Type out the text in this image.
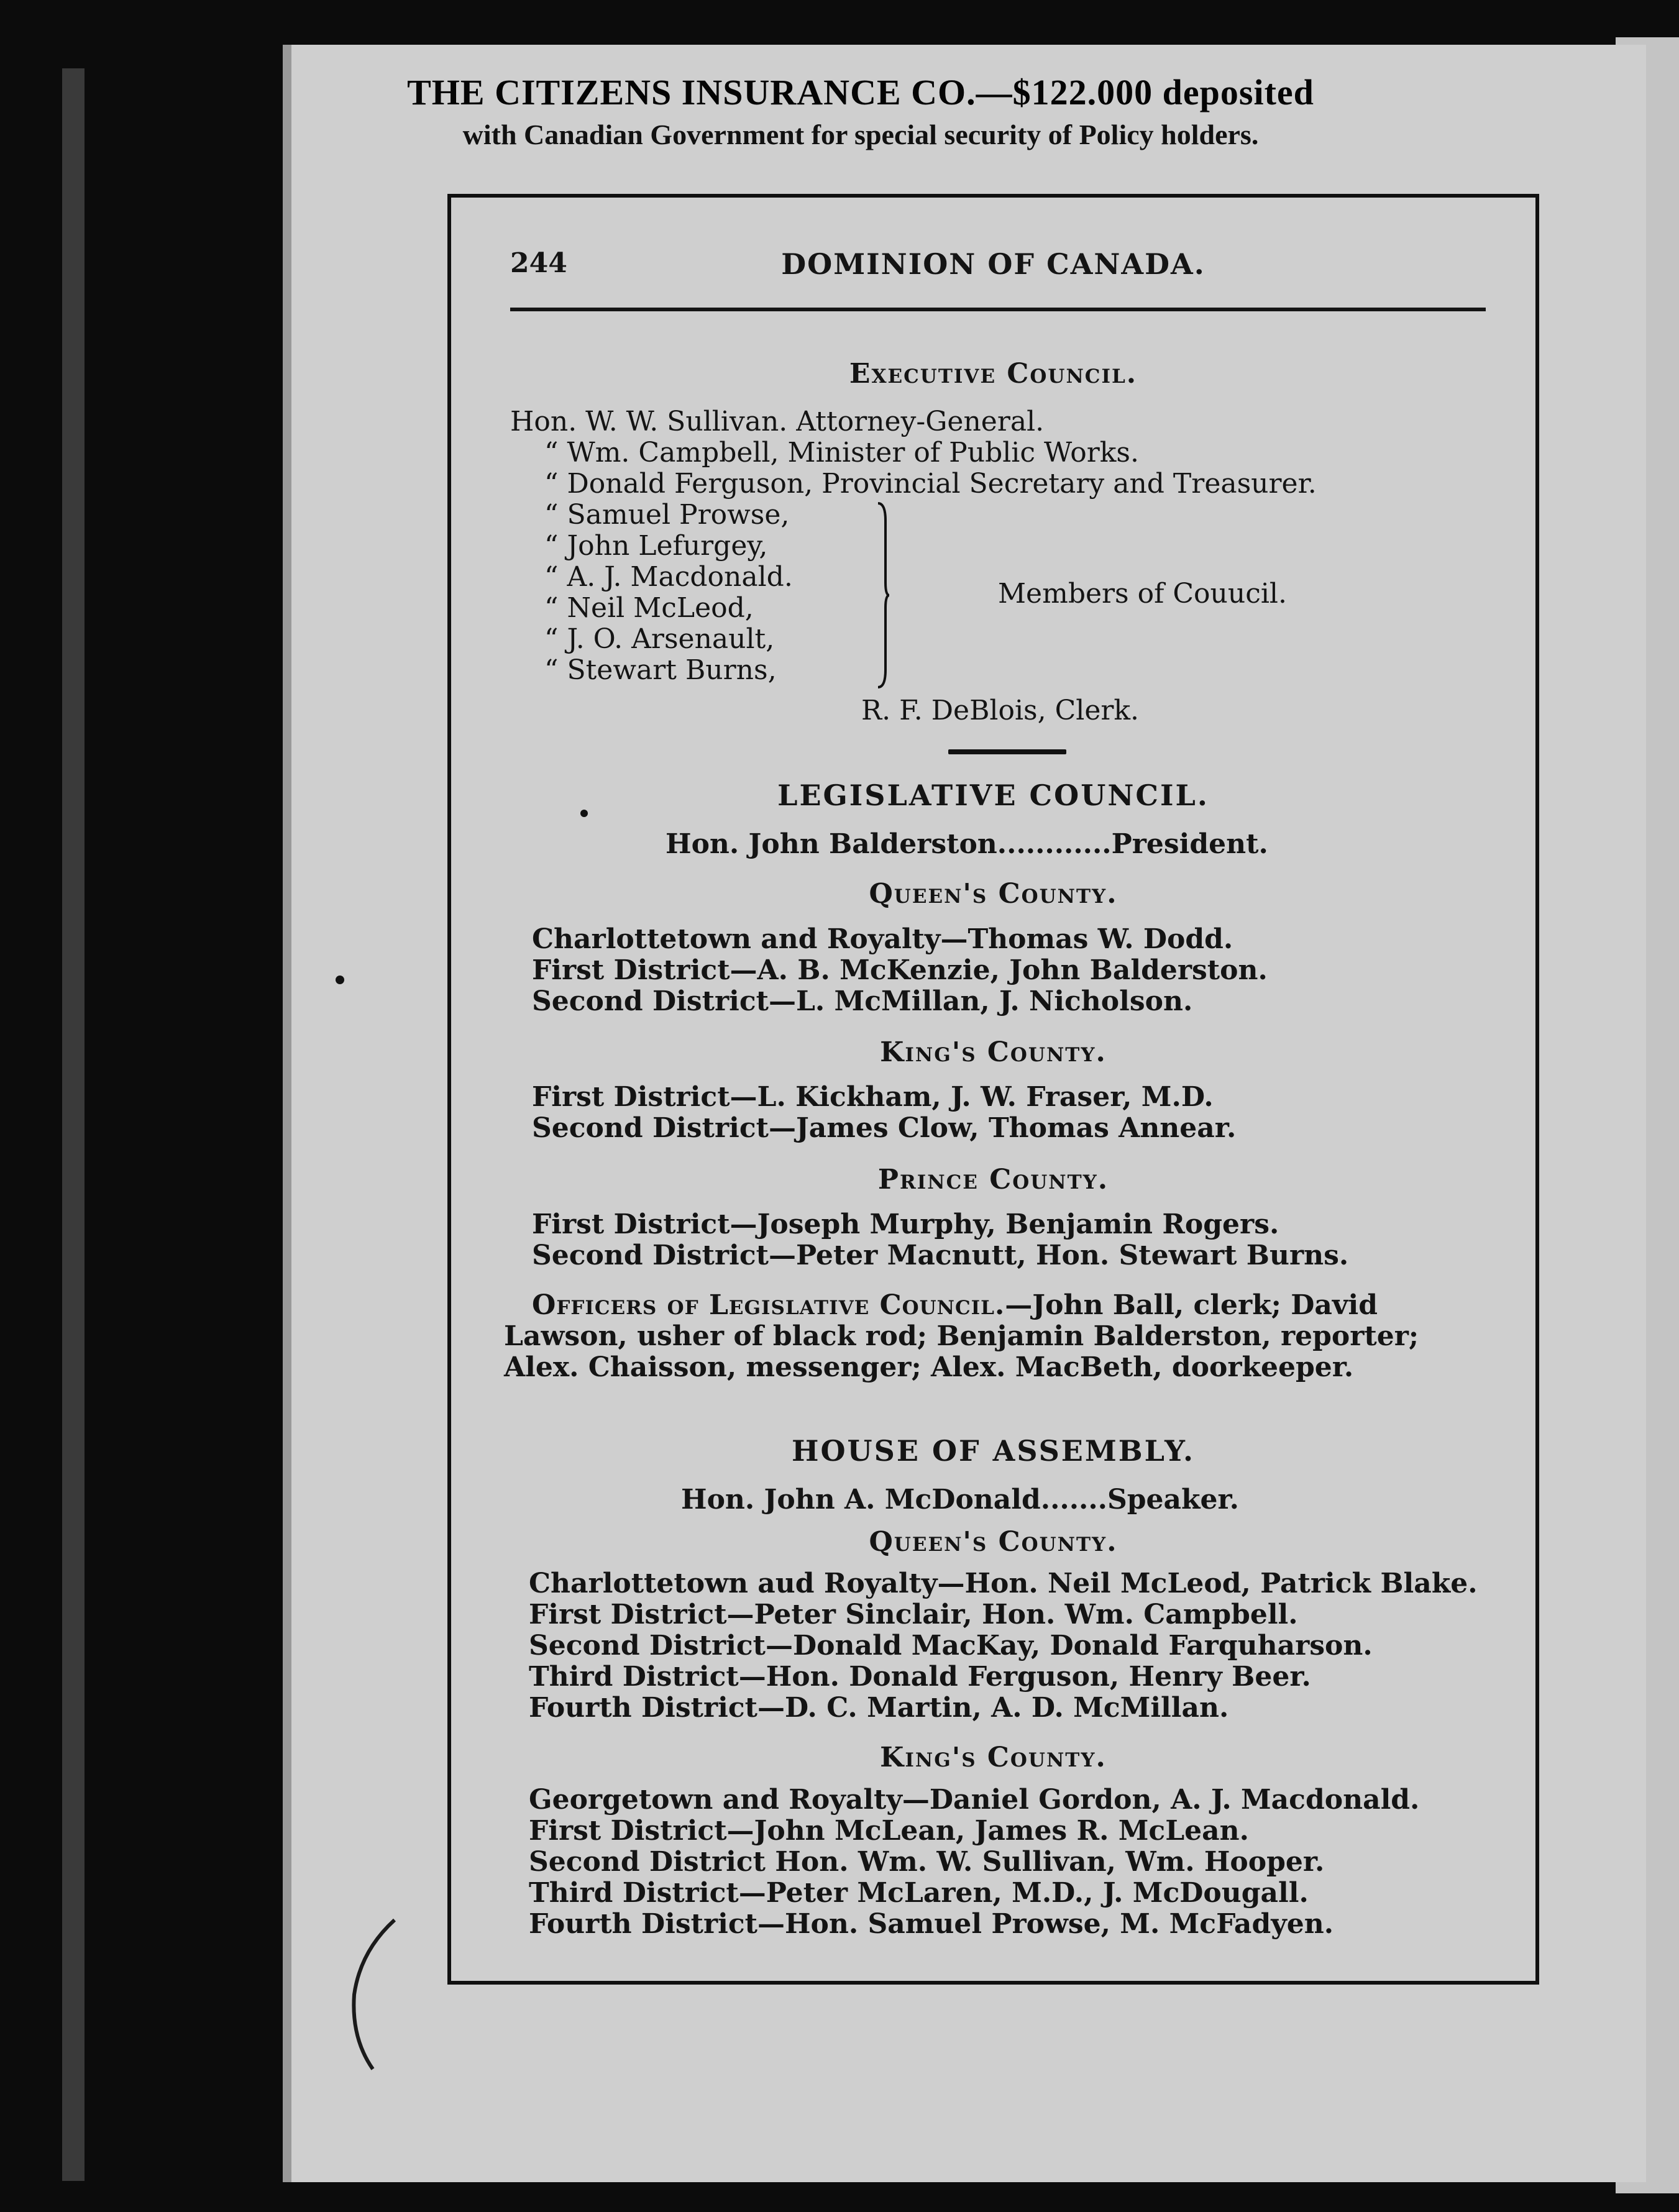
THE CITIZENS INSURANCE CO.—$122.000 deposited
with Canadian Government for special security of Policy holders.
244	DOMINION OF CANADA.
Executive Council.
Hon. W. W. Sullivan. Attorney-General.
“ Wm. Campbell, Minister of Public Works.
“ Donald Ferguson, Provincial Secretary and Treasurer.
“ Samuel Prowse,
“ John Lefurgey,
“ A. J. Macdonald.
“ Neil McLeod,
“ J. O. Arsenault,
“ Stewart Burns,
Members of Couucil.
R. F. DeBlois, Clerk.
LEGISLATIVE COUNCIL.
Hon. John Balderston............President.
Queen's County.
Charlottetown and Royalty—Thomas W. Dodd.
First District—A. B. McKenzie, John Balderston.
Second District—L. McMillan, J. Nicholson.
King's County.
First District—L. Kickham, J. W. Fraser, M.D.
Second District—James Clow, Thomas Annear.
Prince County.
First District—Joseph Murphy, Benjamin Rogers.
Second District—Peter Macnutt, Hon. Stewart Burns.
Officers of Legislative Council.—John Ball, clerk; David
Lawson, usher of black rod; Benjamin Balderston, reporter;
Alex. Chaisson, messenger; Alex. MacBeth, doorkeeper.
HOUSE OF ASSEMBLY.
Hon. John A. McDonald.......Speaker.
Queen's County.
Charlottetown aud Royalty—Hon. Neil McLeod, Patrick Blake.
First District—Peter Sinclair, Hon. Wm. Campbell.
Second District—Donald MacKay, Donald Farquharson.
Third District—Hon. Donald Ferguson, Henry Beer.
Fourth District—D. C. Martin, A. D. McMillan.
King's County.
Georgetown and Royalty—Daniel Gordon, A. J. Macdonald.
First District—John McLean, James R. McLean.
Second District Hon. Wm. W. Sullivan, Wm. Hooper.
Third District—Peter McLaren, M.D., J. McDougall.
Fourth District—Hon. Samuel Prowse, M. McFadyen.
